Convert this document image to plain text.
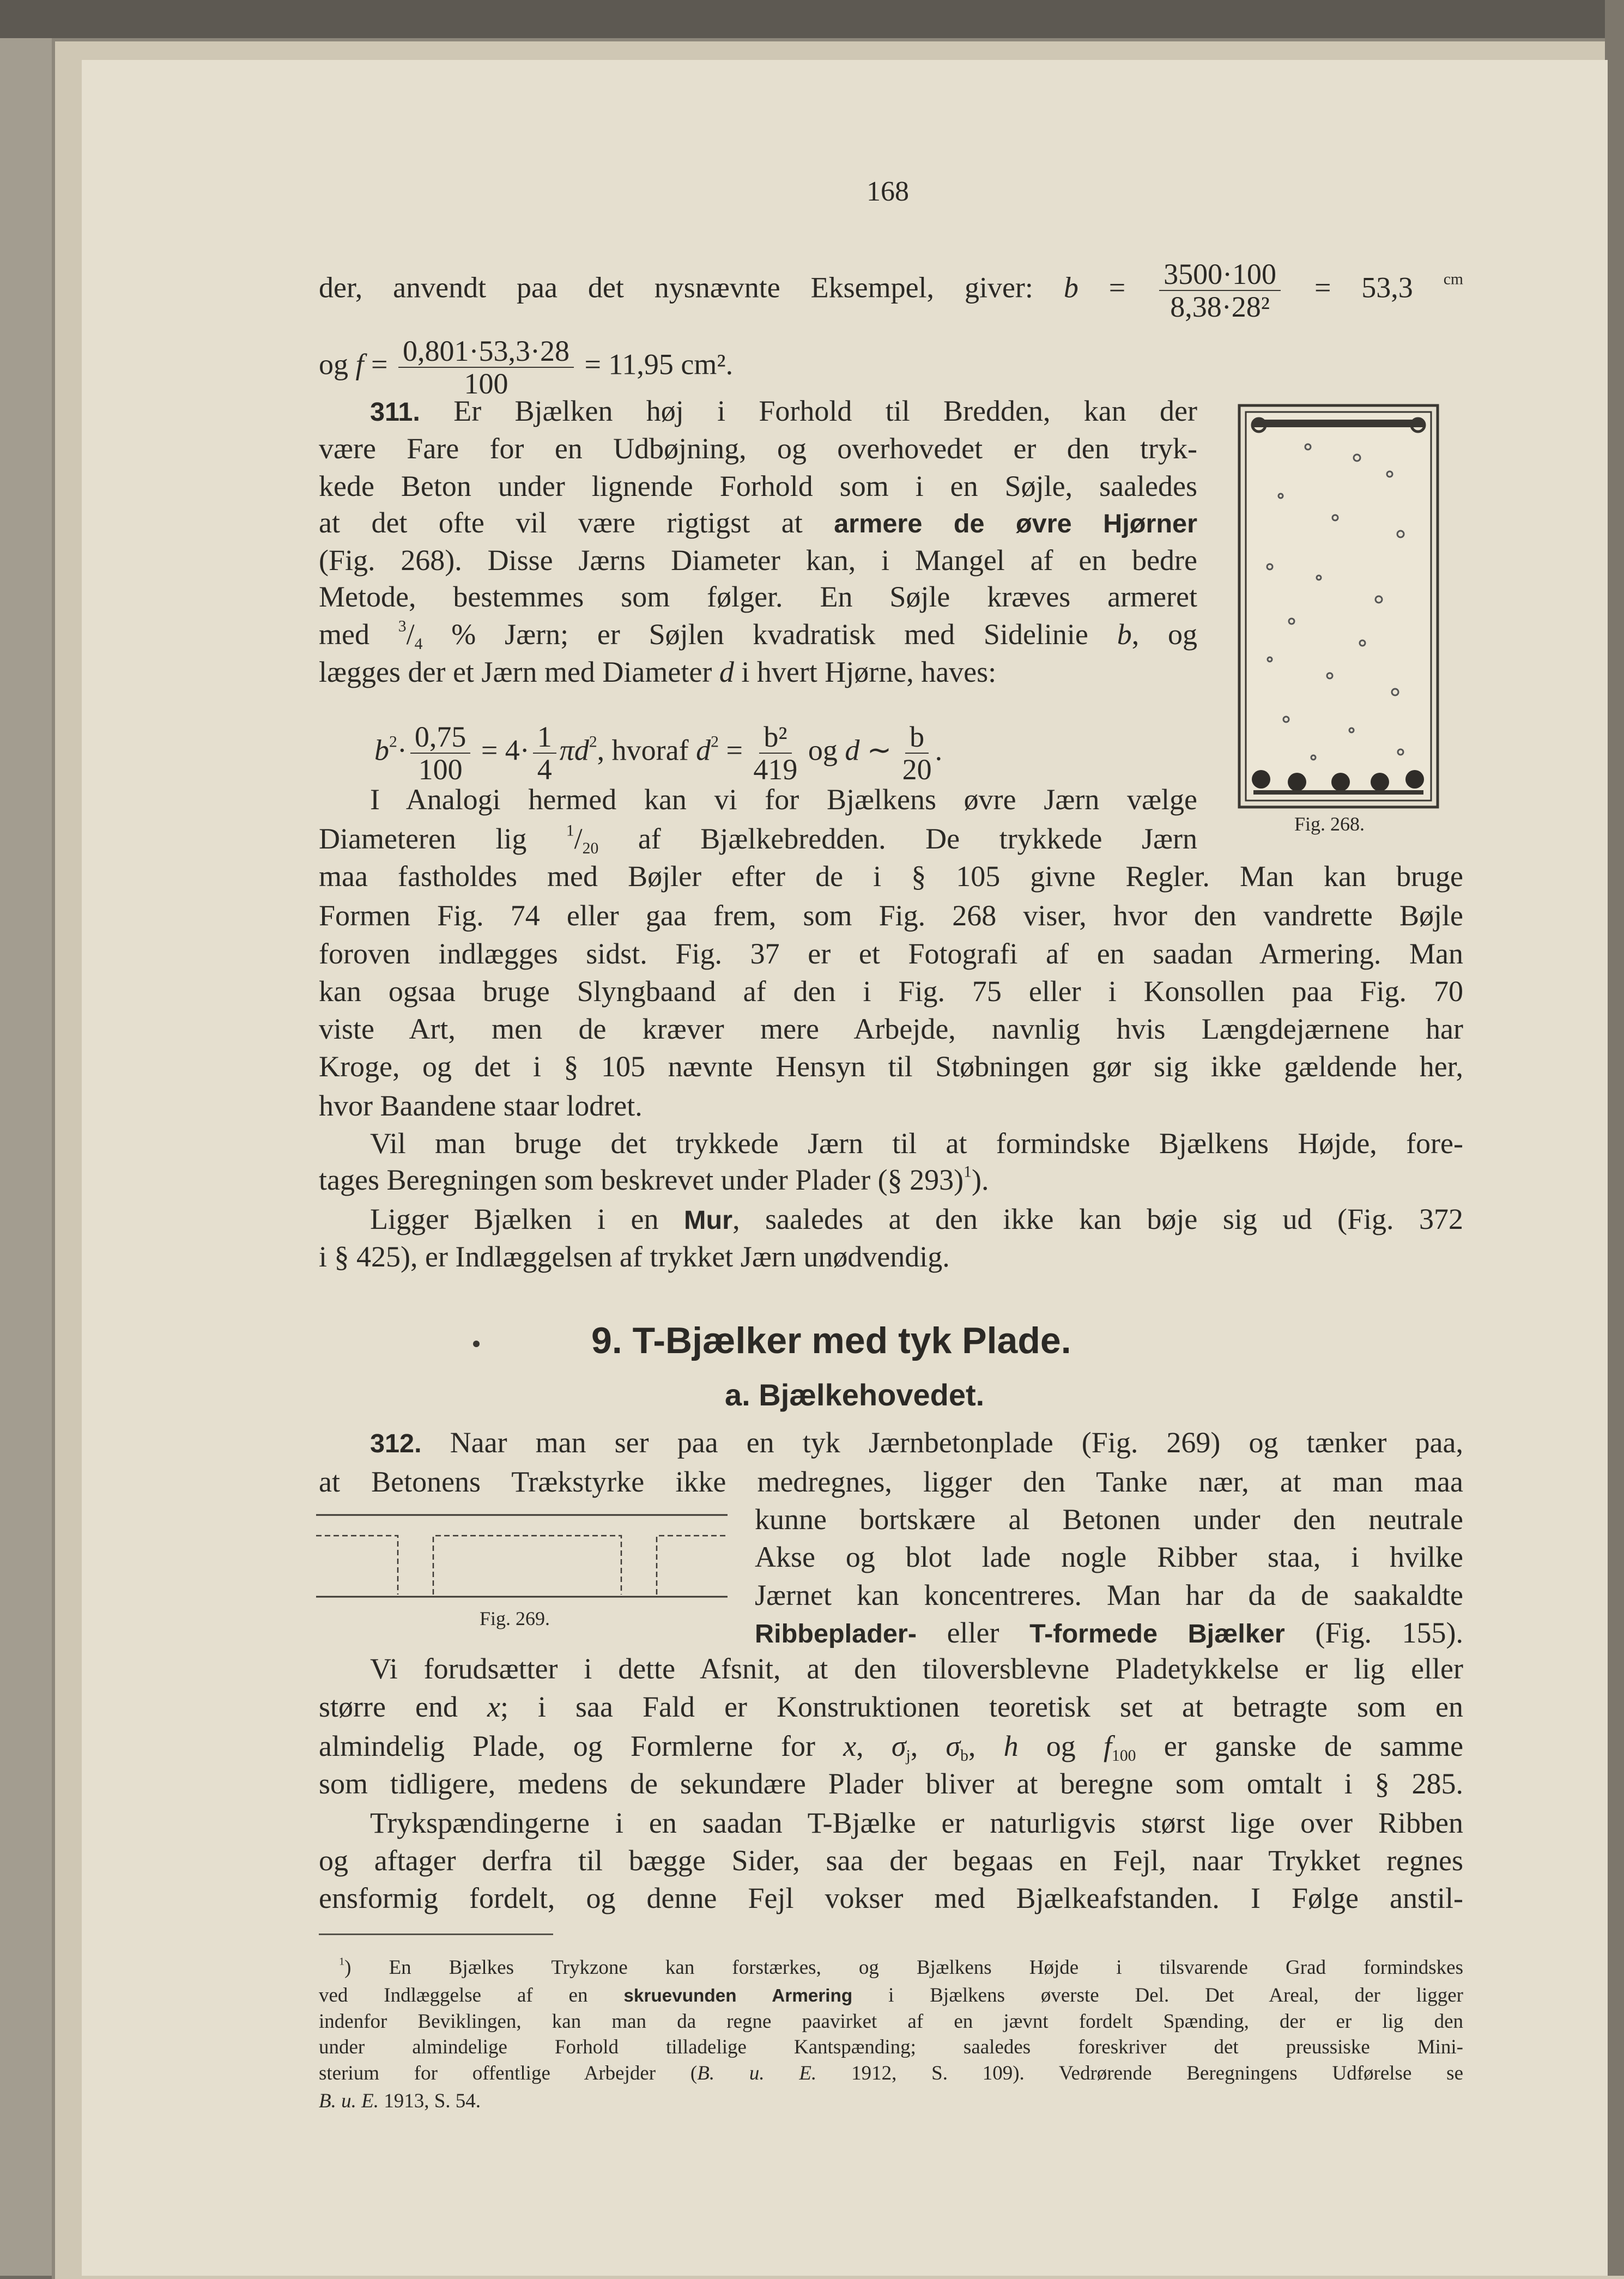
168
9. T-Bjælker med tyk Plade.
a. Bjælkehovedet.
Fig. 268.
Fig. 269.
der, anvendt paa det nysnævnte Eksempel, giver: $b = \frac{3500\cdot 100}{\text{8,38·28²}} = 53,3$ $^{cm}$
og $f = \frac{0,801\cdot 53,3\cdot 28}{100} = 11,95$ cm².
311. Er Bjælken høj i Forhold til Bredden, kan der
være Fare for en Udbøjning, og overhovedet er den tryk-
kede Beton under lignende Forhold som i en Søjle, saaledes
at det ofte vil være rigtigst at armere de øvre Hjørner
(Fig. 268). Disse Jærns Diameter kan, i Mangel af en bedre
Metode, bestemmes som følger. En Søjle kræves armeret
med $^3/_4$ % Jærn; er Søjlen kvadratisk med Sidelinie b, og
lægges der et Jærn med Diameter d i hvert Hjørne, haves:
$b^2\cdot \frac{0,75}{100} = 4\cdot \frac{1}{4} \pi d^2$, hvoraf $d^2 = \frac{\text{b²}}{419}$ og d ∼ $\frac{b}{20}$ .
I Analogi hermed kan vi for Bjælkens øvre Jærn vælge
Diameteren lig $^1/_{20}$ af Bjælkebredden. De trykkede Jærn
maa fastholdes med Bøjler efter de i § 105 givne Regler. Man kan bruge
Formen Fig. 74 eller gaa frem, som Fig. 268 viser, hvor den vandrette Bøjle
foroven indlægges sidst. Fig. 37 er et Fotografi af en saadan Armering. Man
kan ogsaa bruge Slyngbaand af den i Fig. 75 eller i Konsollen paa Fig. 70
viste Art, men de kræver mere Arbejde, navnlig hvis Længdejærnene har
Kroge, og det i § 105 nævnte Hensyn til Støbningen gør sig ikke gældende her,
hvor Baandene staar lodret.
Vil man bruge det trykkede Jærn til at formindske Bjælkens Højde, fore-
tages Beregningen som beskrevet under Plader (§ 293)$^1$).
Ligger Bjælken i en Mur, saaledes at den ikke kan bøje sig ud (Fig. 372
i § 425), er Indlæggelsen af trykket Jærn unødvendig.
312. Naar man ser paa en tyk Jærnbetonplade (Fig. 269) og tænker paa,
at Betonens Trækstyrke ikke medregnes, ligger den Tanke nær, at man maa
kunne bortskære al Betonen under den neutrale
Akse og blot lade nogle Ribber staa, i hvilke
Jærnet kan koncentreres. Man har da de saakaldte
Ribbeplader- eller T-formede Bjælker (Fig. 155).
Vi forudsætter i dette Afsnit, at den tiloversblevne Pladetykkelse er lig eller
større end x; i saa Fald er Konstruktionen teoretisk set at betragte som en
almindelig Plade, og Formlerne for x, $\sigma_j$, $\sigma_b$, h og $f_{100}$ er ganske de samme
som tidligere, medens de sekundære Plader bliver at beregne som omtalt i § 285.
Trykspændingerne i en saadan T-Bjælke er naturligvis størst lige over Ribben
og aftager derfra til bægge Sider, saa der begaas en Fejl, naar Trykket regnes
ensformig fordelt, og denne Fejl vokser med Bjælkeafstanden. I Følge anstil-
$^1$) En Bjælkes Trykzone kan forstærkes, og Bjælkens Højde i tilsvarende Grad formindskes
ved Indlæggelse af en skruevunden Armering i Bjælkens øverste Del. Det Areal, der ligger
indenfor Beviklingen, kan man da regne paavirket af en jævnt fordelt Spænding, der er lig den
under almindelige Forhold tilladelige Kantspænding; saaledes foreskriver det preussiske Mini-
sterium for offentlige Arbejder (B. u. E. 1912, S. 109). Vedrørende Beregningens Udførelse se
B. u. E. 1913, S. 54.
